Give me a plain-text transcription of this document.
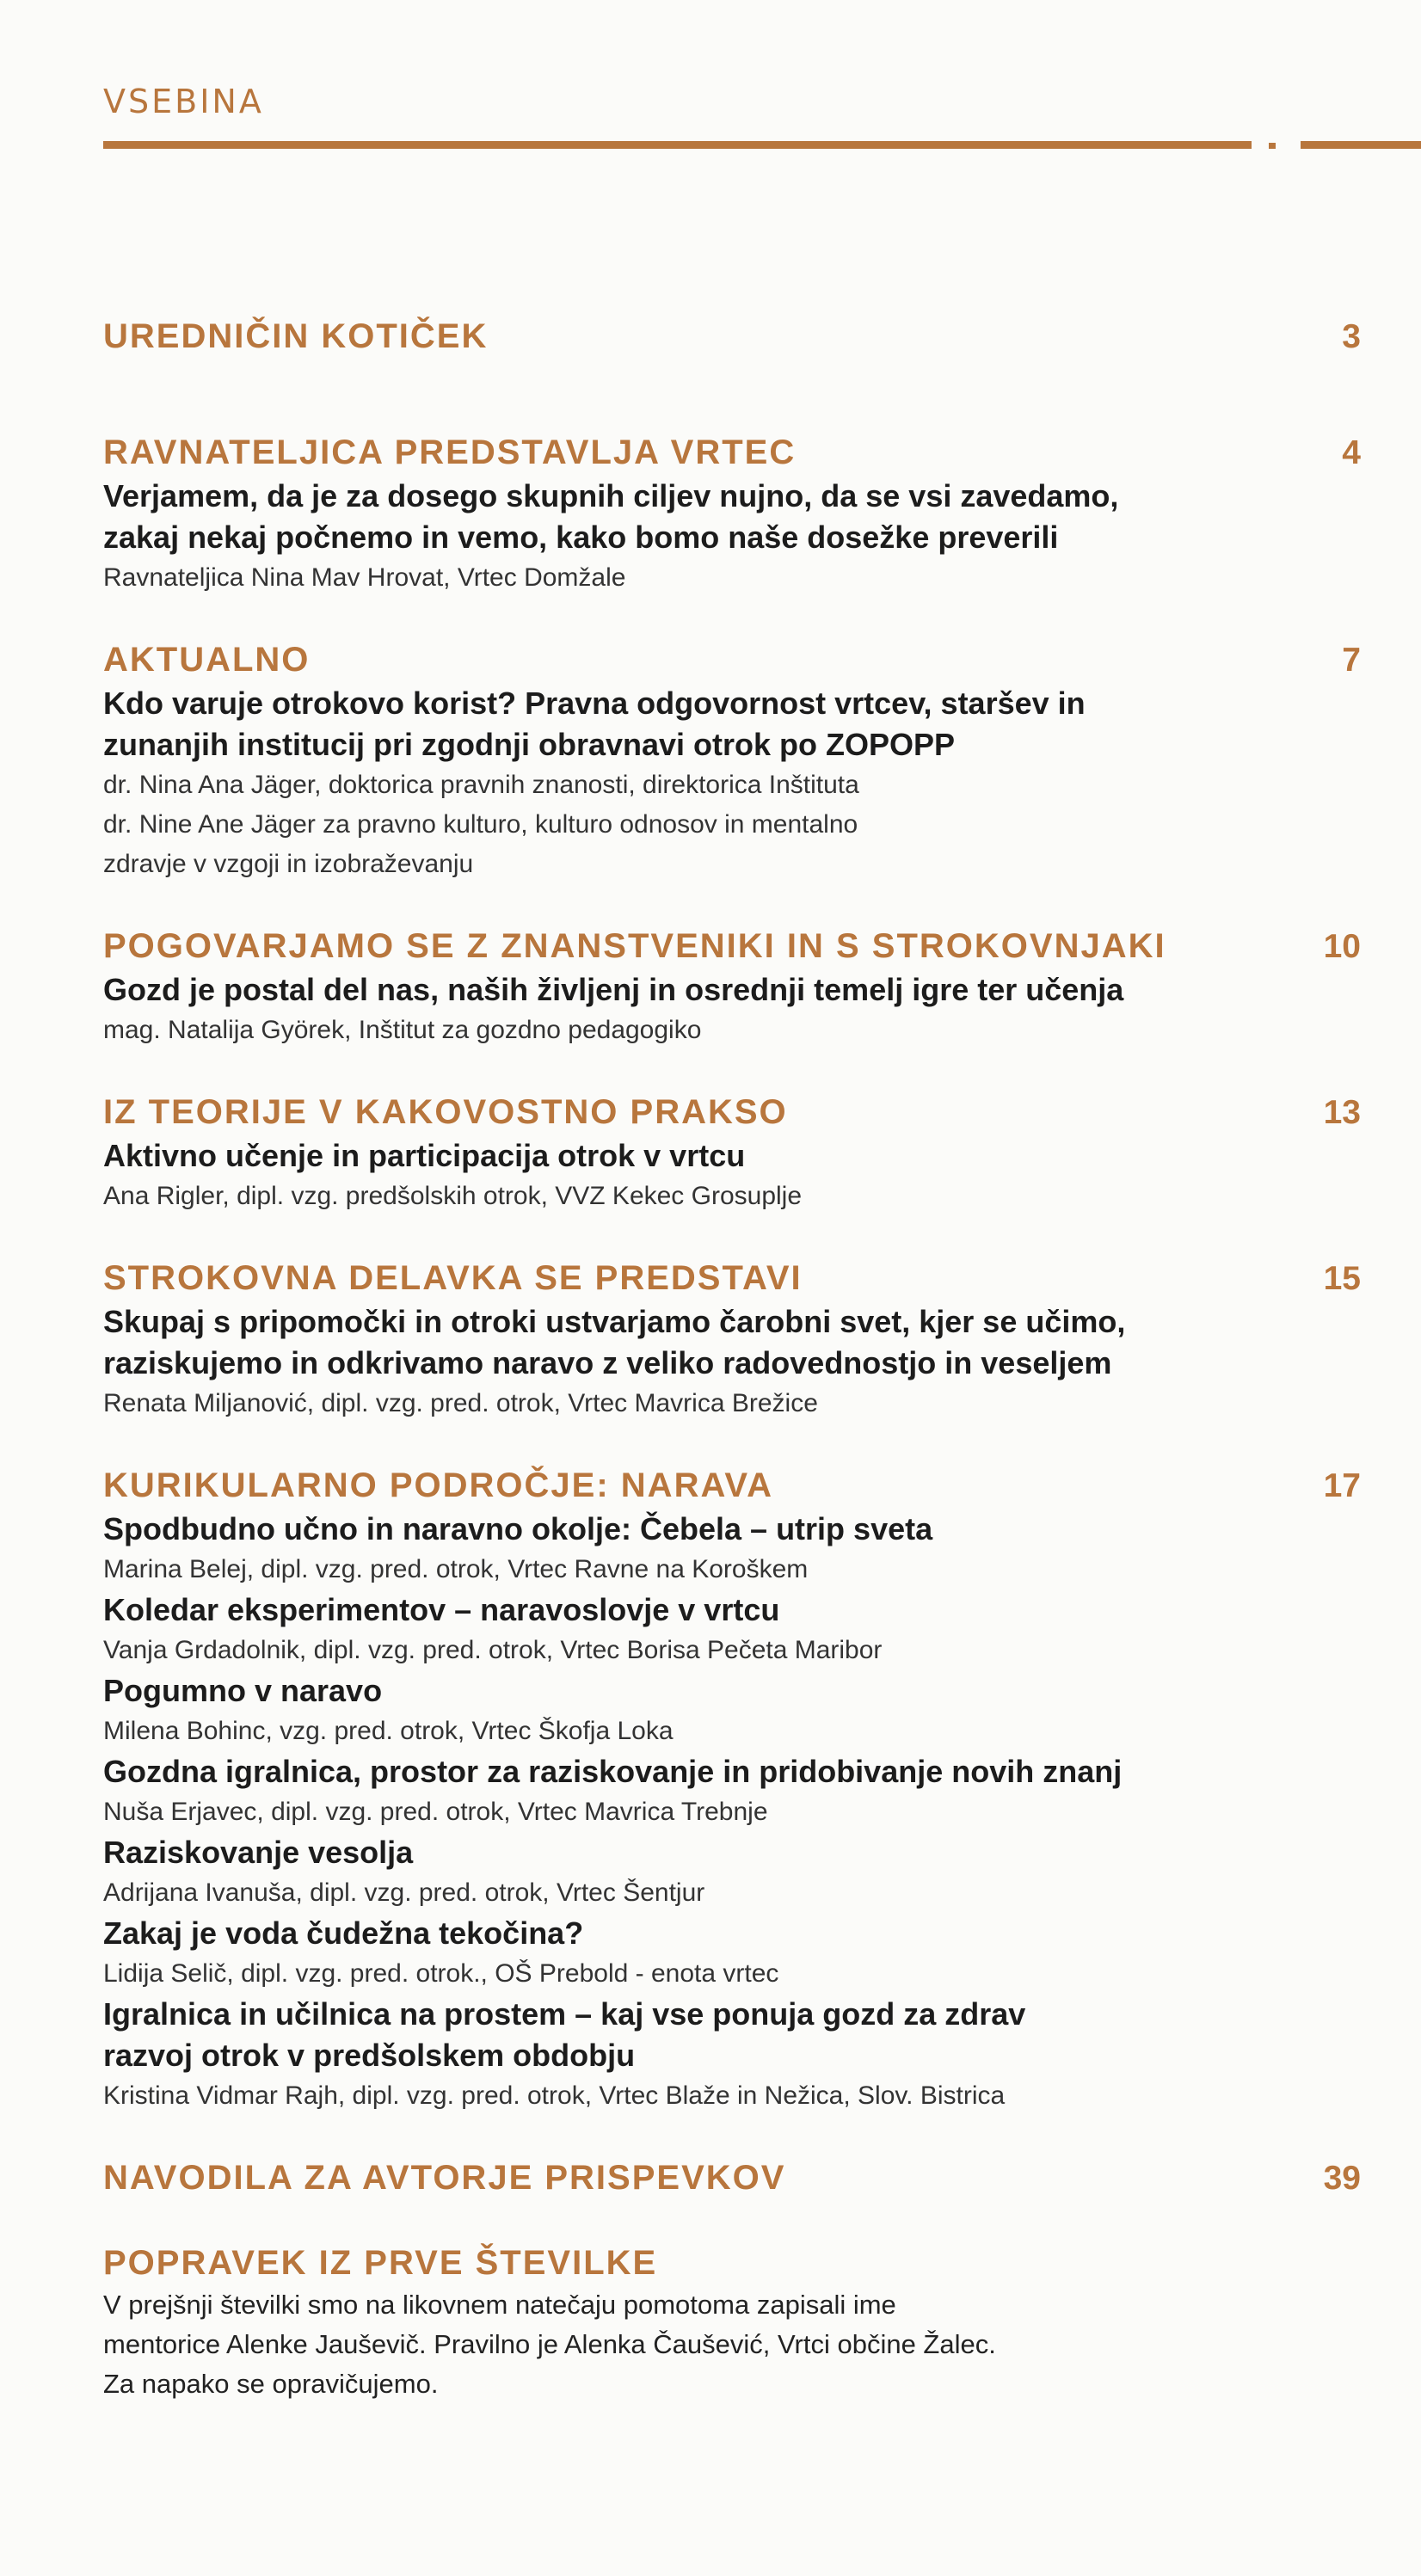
VSEBINA
UREDNIČIN KOTIČEK	3
RAVNATELJICA PREDSTAVLJA VRTEC	4
Verjamem, da je za dosego skupnih ciljev nujno, da se vsi zavedamo,
zakaj nekaj počnemo in vemo, kako bomo naše dosežke preverili
Ravnateljica Nina Mav Hrovat, Vrtec Domžale
AKTUALNO	7
Kdo varuje otrokovo korist? Pravna odgovornost vrtcev, staršev in
zunanjih institucij pri zgodnji obravnavi otrok po ZOPOPP
dr. Nina Ana Jäger, doktorica pravnih znanosti, direktorica Inštituta
dr. Nine Ane Jäger za pravno kulturo, kulturo odnosov in mentalno
zdravje v vzgoji in izobraževanju
POGOVARJAMO SE Z ZNANSTVENIKI IN S STROKOVNJAKI	10
Gozd je postal del nas, naših življenj in osrednji temelj igre ter učenja
mag. Natalija Györek, Inštitut za gozdno pedagogiko
IZ TEORIJE V KAKOVOSTNO PRAKSO	13
Aktivno učenje in participacija otrok v vrtcu
Ana Rigler, dipl. vzg. predšolskih otrok, VVZ Kekec Grosuplje
STROKOVNA DELAVKA SE PREDSTAVI	15
Skupaj s pripomočki in otroki ustvarjamo čarobni svet, kjer se učimo,
raziskujemo in odkrivamo naravo z veliko radovednostjo in veseljem
Renata Miljanović, dipl. vzg. pred. otrok, Vrtec Mavrica Brežice
KURIKULARNO PODROČJE: NARAVA	17
Spodbudno učno in naravno okolje: Čebela – utrip sveta
Marina Belej, dipl. vzg. pred. otrok, Vrtec Ravne na Koroškem
Koledar eksperimentov – naravoslovje v vrtcu
Vanja Grdadolnik, dipl. vzg. pred. otrok, Vrtec Borisa Pečeta Maribor
Pogumno v naravo
Milena Bohinc, vzg. pred. otrok, Vrtec Škofja Loka
Gozdna igralnica, prostor za raziskovanje in pridobivanje novih znanj
Nuša Erjavec, dipl. vzg. pred. otrok, Vrtec Mavrica Trebnje
Raziskovanje vesolja
Adrijana Ivanuša, dipl. vzg. pred. otrok, Vrtec Šentjur
Zakaj je voda čudežna tekočina?
Lidija Selič, dipl. vzg. pred. otrok., OŠ Prebold - enota vrtec
Igralnica in učilnica na prostem – kaj vse ponuja gozd za zdrav
razvoj otrok v predšolskem obdobju
Kristina Vidmar Rajh, dipl. vzg. pred. otrok, Vrtec Blaže in Nežica, Slov. Bistrica
NAVODILA ZA AVTORJE PRISPEVKOV	39
POPRAVEK IZ PRVE ŠTEVILKE
V prejšnji številki smo na likovnem natečaju pomotoma zapisali ime
mentorice Alenke Jauševič. Pravilno je Alenka Čaušević, Vrtci občine Žalec.
Za napako se opravičujemo.
